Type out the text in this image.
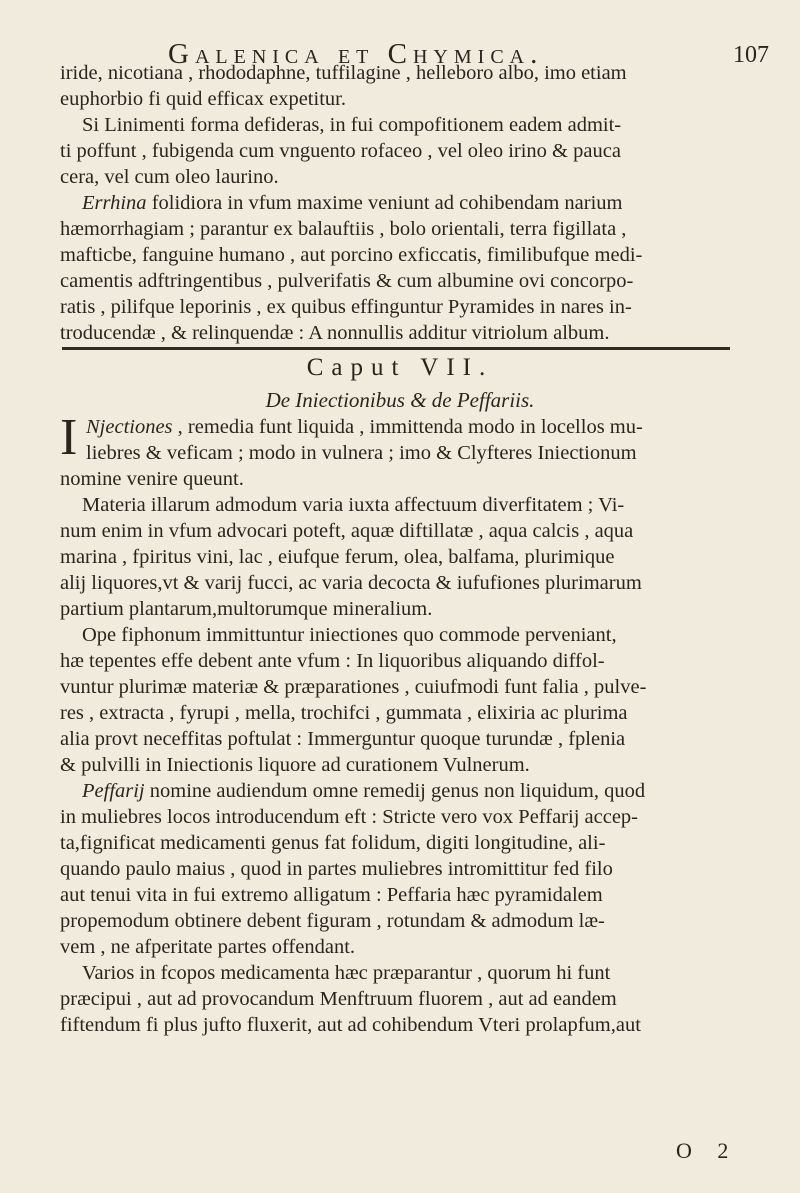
Galenica et Chymica.	107
iride, nicotiana , rhododaphne, tuffilagine , helleboro albo, imo etiam
euphorbio fi quid efficax expetitur.
Si Linimenti forma defideras, in fui compofitionem eadem admit-
ti poffunt , fubigenda cum vnguento rofaceo , vel oleo irino & pauca
cera, vel cum oleo laurino.
Errhina folidiora in vfum maxime veniunt ad cohibendam narium
hæmorrhagiam ; parantur ex balauftiis , bolo orientali, terra figillata ,
mafticbe, fanguine humano , aut porcino exficcatis, fimilibufque medi-
camentis adftringentibus , pulverifatis & cum albumine ovi concorpo-
ratis , pilifque leporinis , ex quibus effinguntur Pyramides in nares in-
troducendæ , & relinquendæ : A nonnullis additur vitriolum album.
Caput VII.
De Iniectionibus & de Peffariis.
I Njectiones , remedia funt liquida , immittenda modo in locellos mu-
liebres & veficam ; modo in vulnera ; imo & Clyfteres Iniectionum
nomine venire queunt.
Materia illarum admodum varia iuxta affectuum diverfitatem ; Vi-
num enim in vfum advocari poteft, aquæ diftillatæ , aqua calcis , aqua
marina , fpiritus vini, lac , eiufque ferum, olea, balfama, plurimique
alij liquores,vt & varij fucci, ac varia decocta & iufufiones plurimarum
partium plantarum,multorumque mineralium.
Ope fiphonum immittuntur iniectiones quo commode perveniant,
hæ tepentes effe debent ante vfum : In liquoribus aliquando diffol-
vuntur plurimæ materiæ & præparationes , cuiufmodi funt falia , pulve-
res , extracta , fyrupi , mella, trochifci , gummata , elixiria ac plurima
alia provt neceffitas poftulat : Immerguntur quoque turundæ , fplenia
& pulvilli in Iniectionis liquore ad curationem Vulnerum.
Peffarij nomine audiendum omne remedij genus non liquidum, quod
in muliebres locos introducendum eft : Stricte vero vox Peffarij accep-
ta,fignificat medicamenti genus fat folidum, digiti longitudine, ali-
quando paulo maius , quod in partes muliebres intromittitur fed filo
aut tenui vita in fui extremo alligatum : Peffaria hæc pyramidalem
propemodum obtinere debent figuram , rotundam & admodum læ-
vem , ne afperitate partes offendant.
Varios in fcopos medicamenta hæc præparantur , quorum hi funt
præcipui , aut ad provocandum Menftruum fluorem , aut ad eandem
fiftendum fi plus jufto fluxerit, aut ad cohibendum Vteri prolapfum,aut
O 2
